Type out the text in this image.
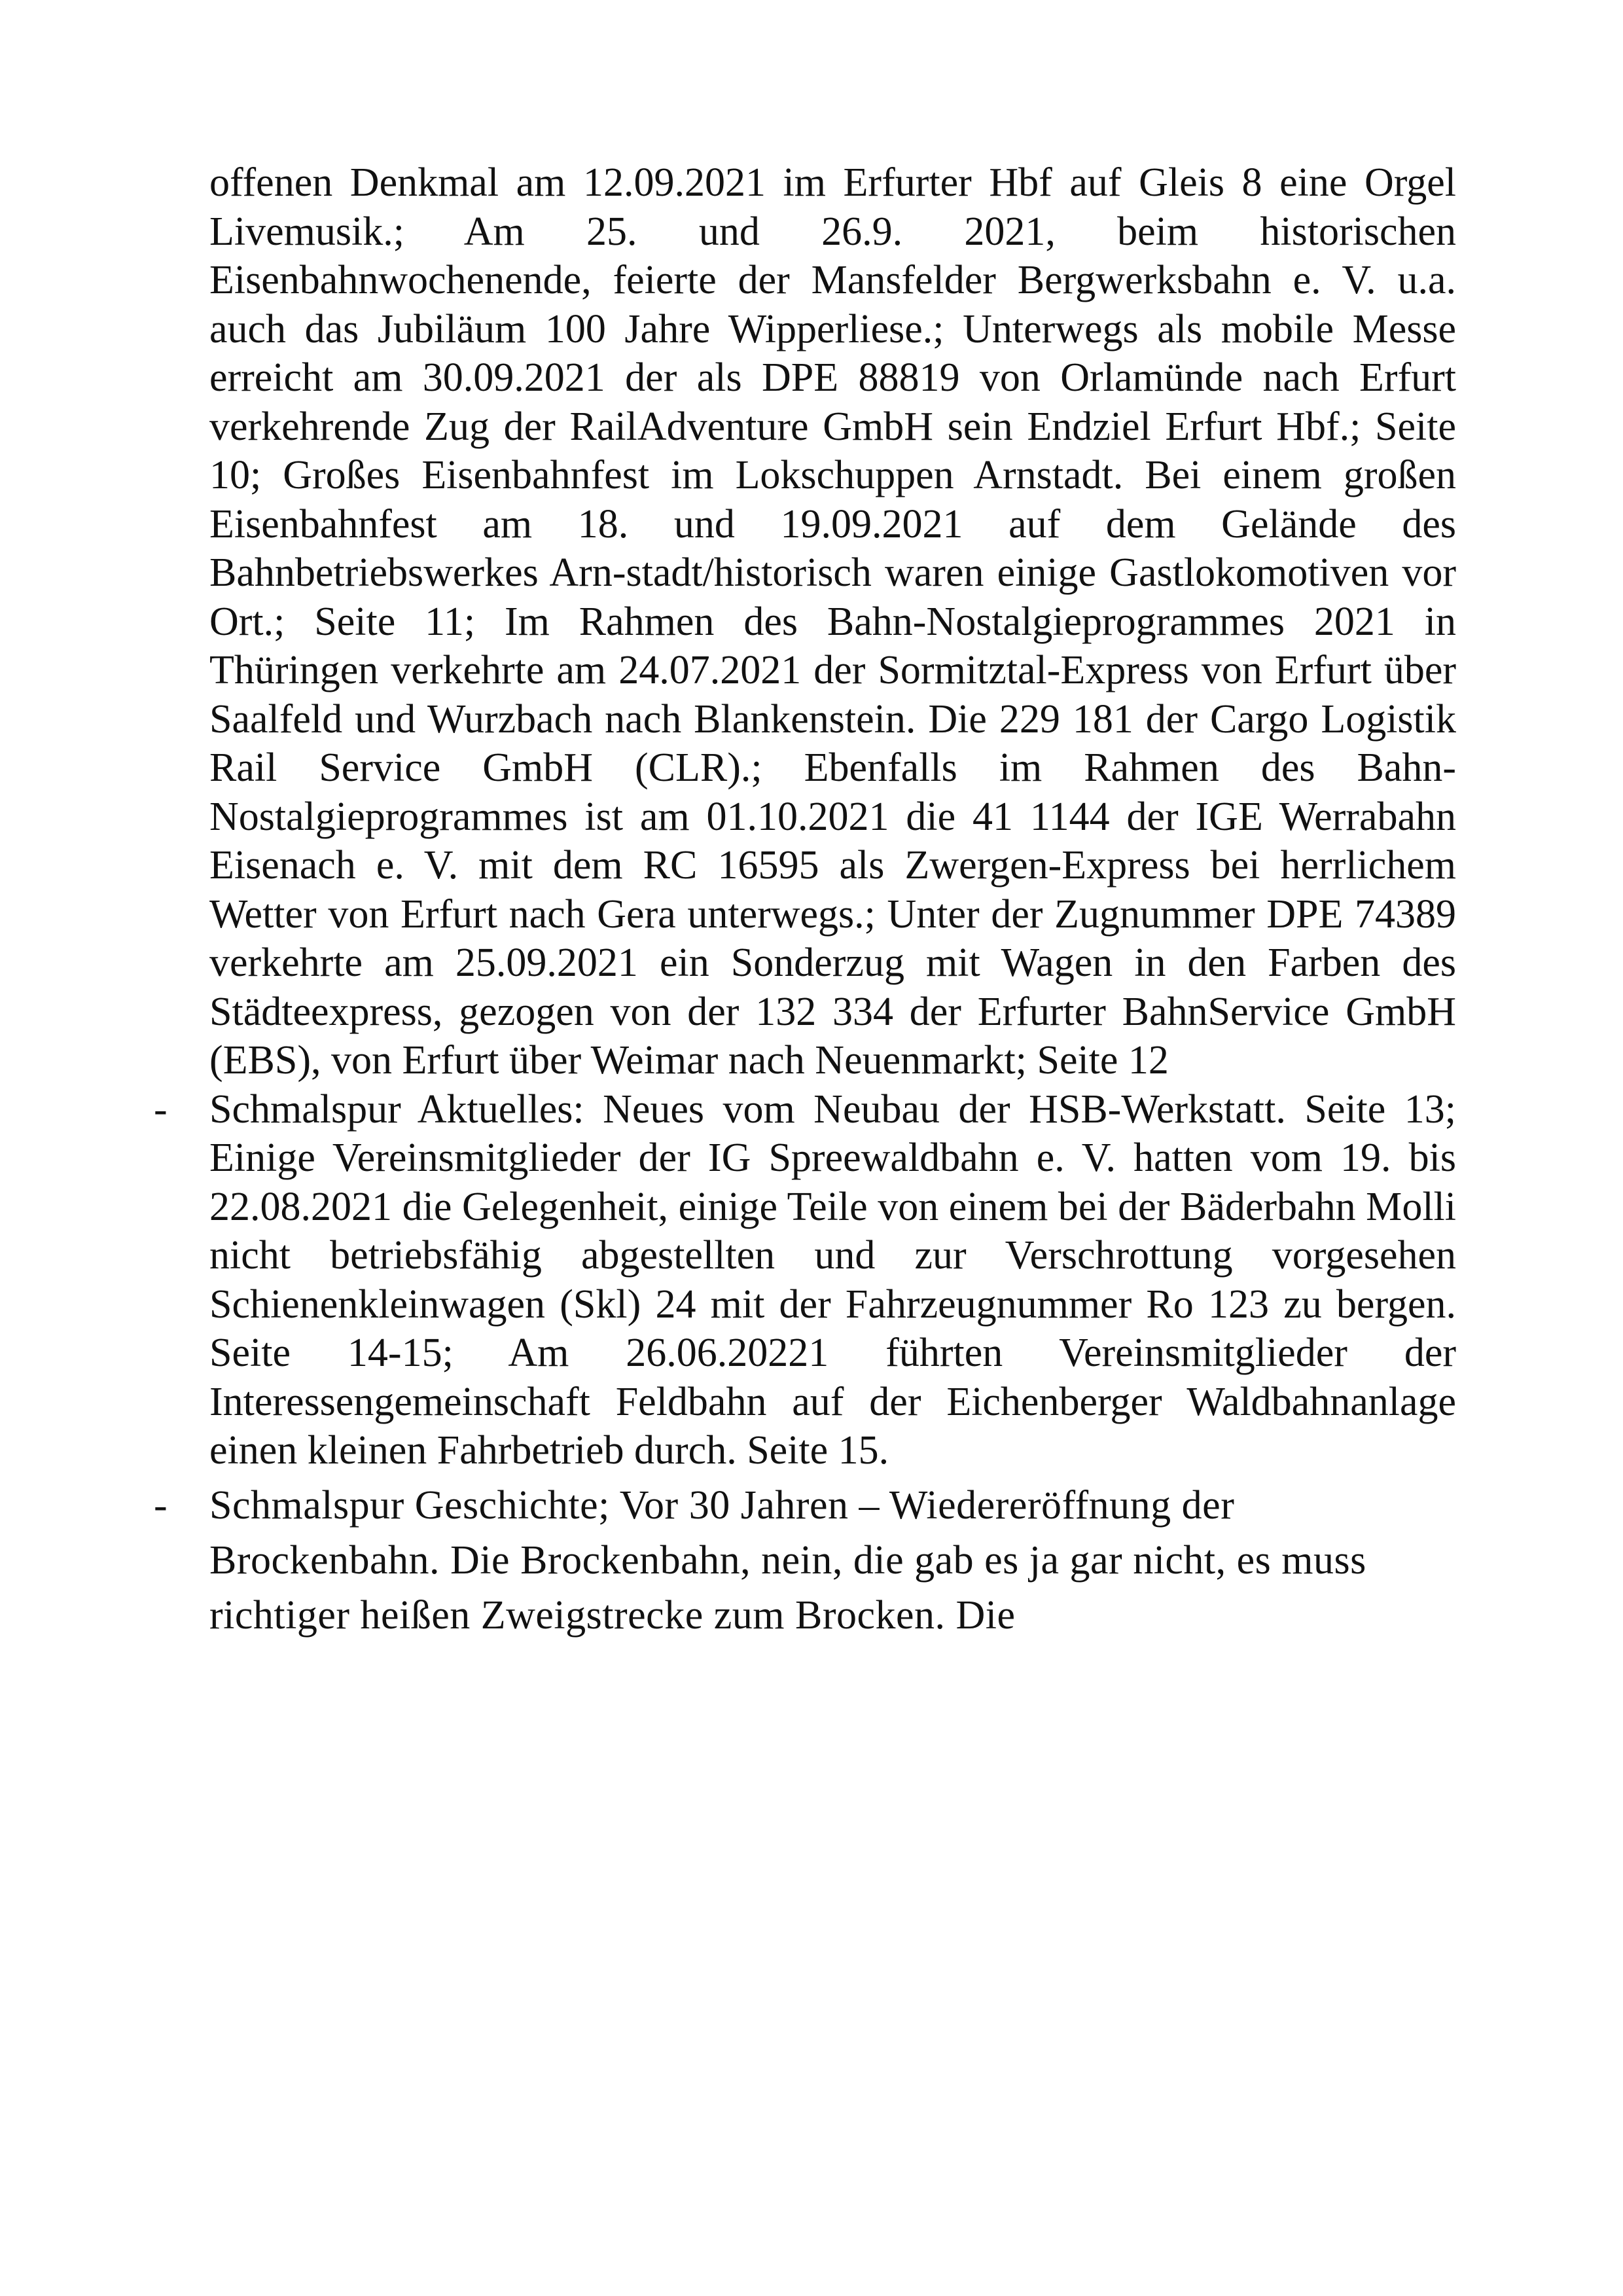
offenen Denkmal am 12.09.2021 im Erfurter Hbf auf Gleis 8 eine Orgel Livemusik.; Am 25. und 26.9. 2021, beim historischen Eisenbahnwochenende, feierte der Mansfelder Bergwerksbahn e. V. u.a. auch das Jubiläum 100 Jahre Wipperliese.; Unterwegs als mobile Messe erreicht am 30.09.2021 der als DPE 88819 von Orlamünde nach Erfurt verkehrende Zug der RailAdventure GmbH sein Endziel Erfurt Hbf.; Seite 10; Großes Eisenbahnfest im Lokschuppen Arnstadt. Bei einem großen Eisenbahnfest am 18. und 19.09.2021 auf dem Gelände des Bahnbetriebswerkes Arn-stadt/historisch waren einige Gastlokomotiven vor Ort.; Seite 11; Im Rahmen des Bahn-Nostalgieprogrammes 2021 in Thüringen verkehrte am 24.07.2021 der Sormitztal-Express von Erfurt über Saalfeld und Wurzbach nach Blankenstein. Die 229 181 der Cargo Logistik Rail Service GmbH (CLR).; Ebenfalls im Rahmen des Bahn-Nostalgieprogrammes ist am 01.10.2021 die 41 1144 der IGE Werrabahn Eisenach e. V. mit dem RC 16595 als Zwergen-Express bei herrlichem Wetter von Erfurt nach Gera unterwegs.; Unter der Zugnummer DPE 74389 verkehrte am 25.09.2021 ein Sonderzug mit Wagen in den Farben des Städteexpress, gezogen von der 132 334 der Erfurter BahnService GmbH (EBS), von Erfurt über Weimar nach Neuenmarkt; Seite 12

-	Schmalspur Aktuelles: Neues vom Neubau der HSB-Werkstatt. Seite 13; Einige Vereinsmitglieder der IG Spreewaldbahn e. V. hatten vom 19. bis 22.08.2021 die Gelegenheit, einige Teile von einem bei der Bäderbahn Molli nicht betriebsfähig abgestellten und zur Verschrottung vorgesehen Schienenkleinwagen (Skl) 24 mit der Fahrzeugnummer Ro 123 zu bergen. Seite 14-15; Am 26.06.20221 führten Vereinsmitglieder der Interessengemeinschaft Feldbahn auf der Eichenberger Waldbahnanlage einen kleinen Fahrbetrieb durch. Seite 15.

-	Schmalspur Geschichte; Vor 30 Jahren – Wiedereröffnung der Brockenbahn. Die Brockenbahn, nein, die gab es ja gar nicht, es muss richtiger heißen Zweigstrecke zum Brocken. Die
